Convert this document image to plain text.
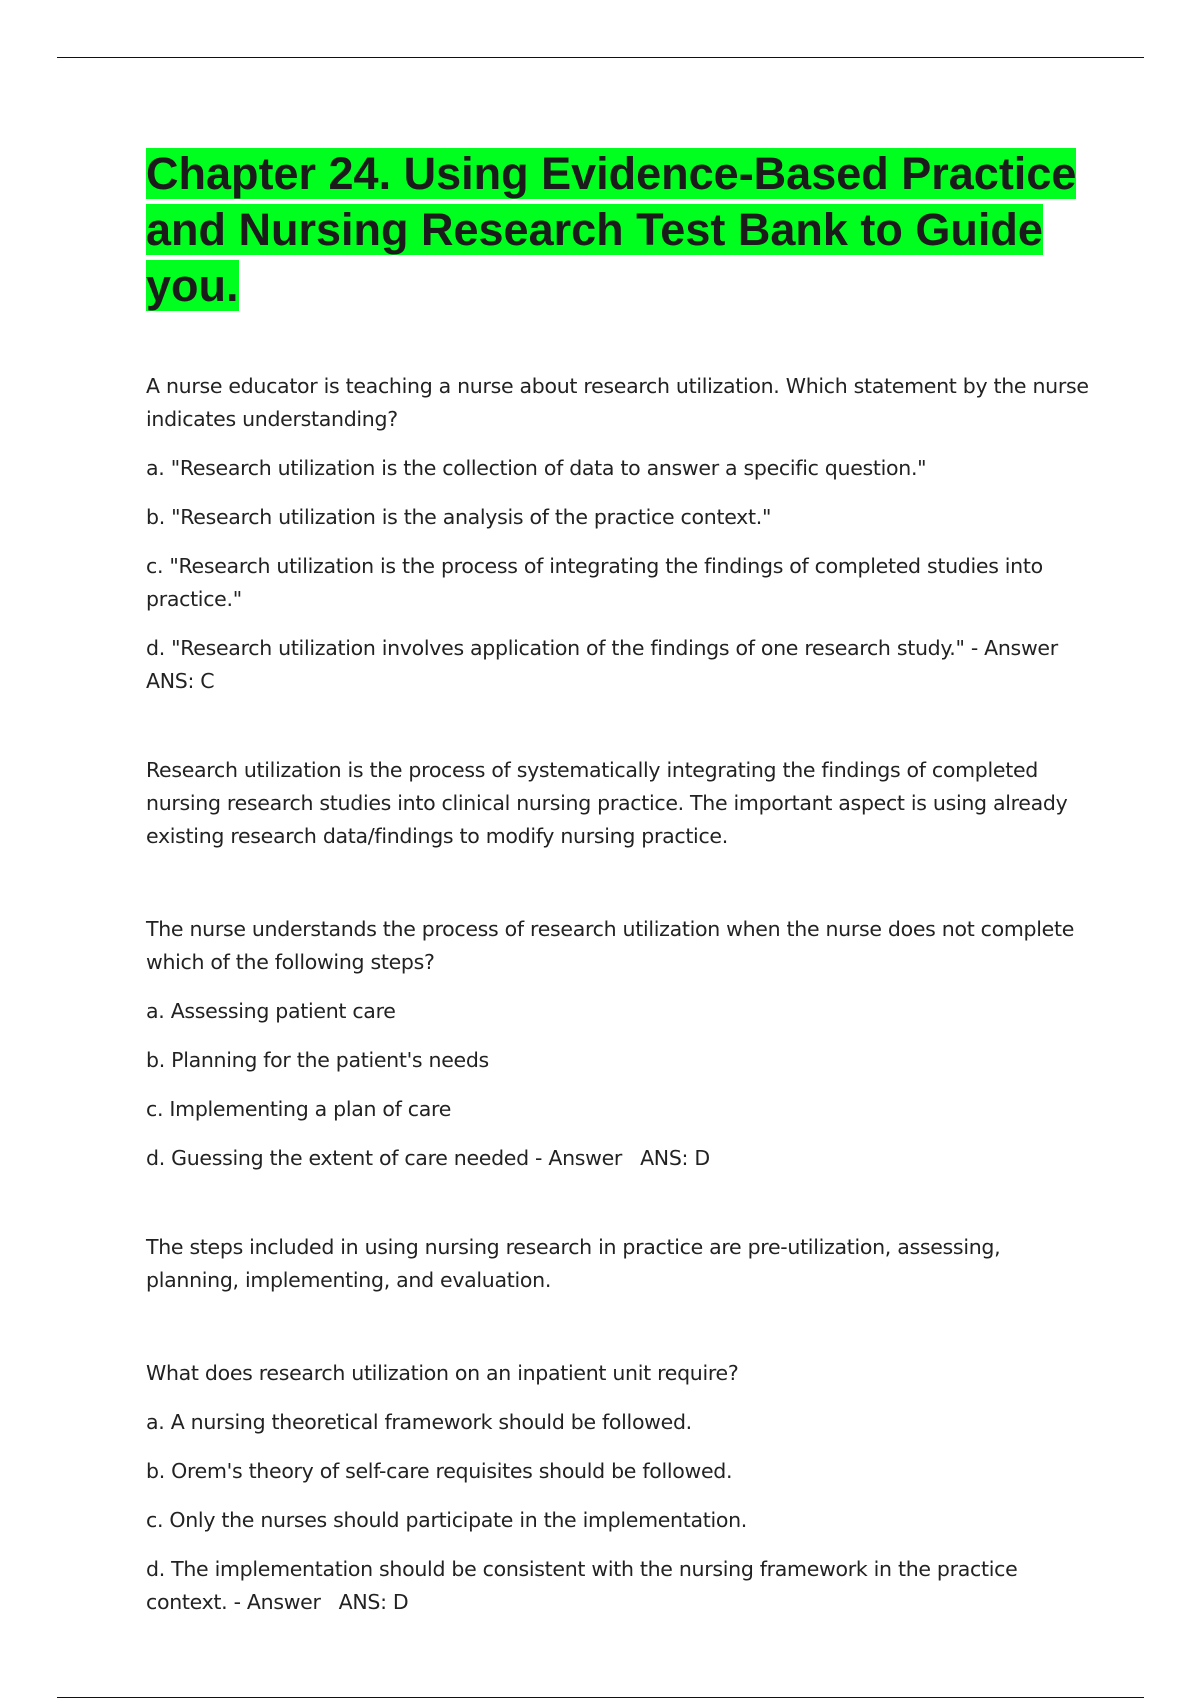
Chapter 24. Using Evidence-Based Practice and Nursing Research Test Bank to Guide you.

A nurse educator is teaching a nurse about research utilization. Which statement by the nurse indicates understanding?

a. "Research utilization is the collection of data to answer a specific question."

b. "Research utilization is the analysis of the practice context."

c. "Research utilization is the process of integrating the findings of completed studies into practice."

d. "Research utilization involves application of the findings of one research study." - Answer
ANS: C

Research utilization is the process of systematically integrating the findings of completed nursing research studies into clinical nursing practice. The important aspect is using already existing research data/findings to modify nursing practice.

The nurse understands the process of research utilization when the nurse does not complete which of the following steps?

a. Assessing patient care

b. Planning for the patient's needs

c. Implementing a plan of care

d. Guessing the extent of care needed - Answer ANS: D

The steps included in using nursing research in practice are pre-utilization, assessing, planning, implementing, and evaluation.

What does research utilization on an inpatient unit require?

a. A nursing theoretical framework should be followed.

b. Orem's theory of self-care requisites should be followed.

c. Only the nurses should participate in the implementation.

d. The implementation should be consistent with the nursing framework in the practice context. - Answer ANS: D
